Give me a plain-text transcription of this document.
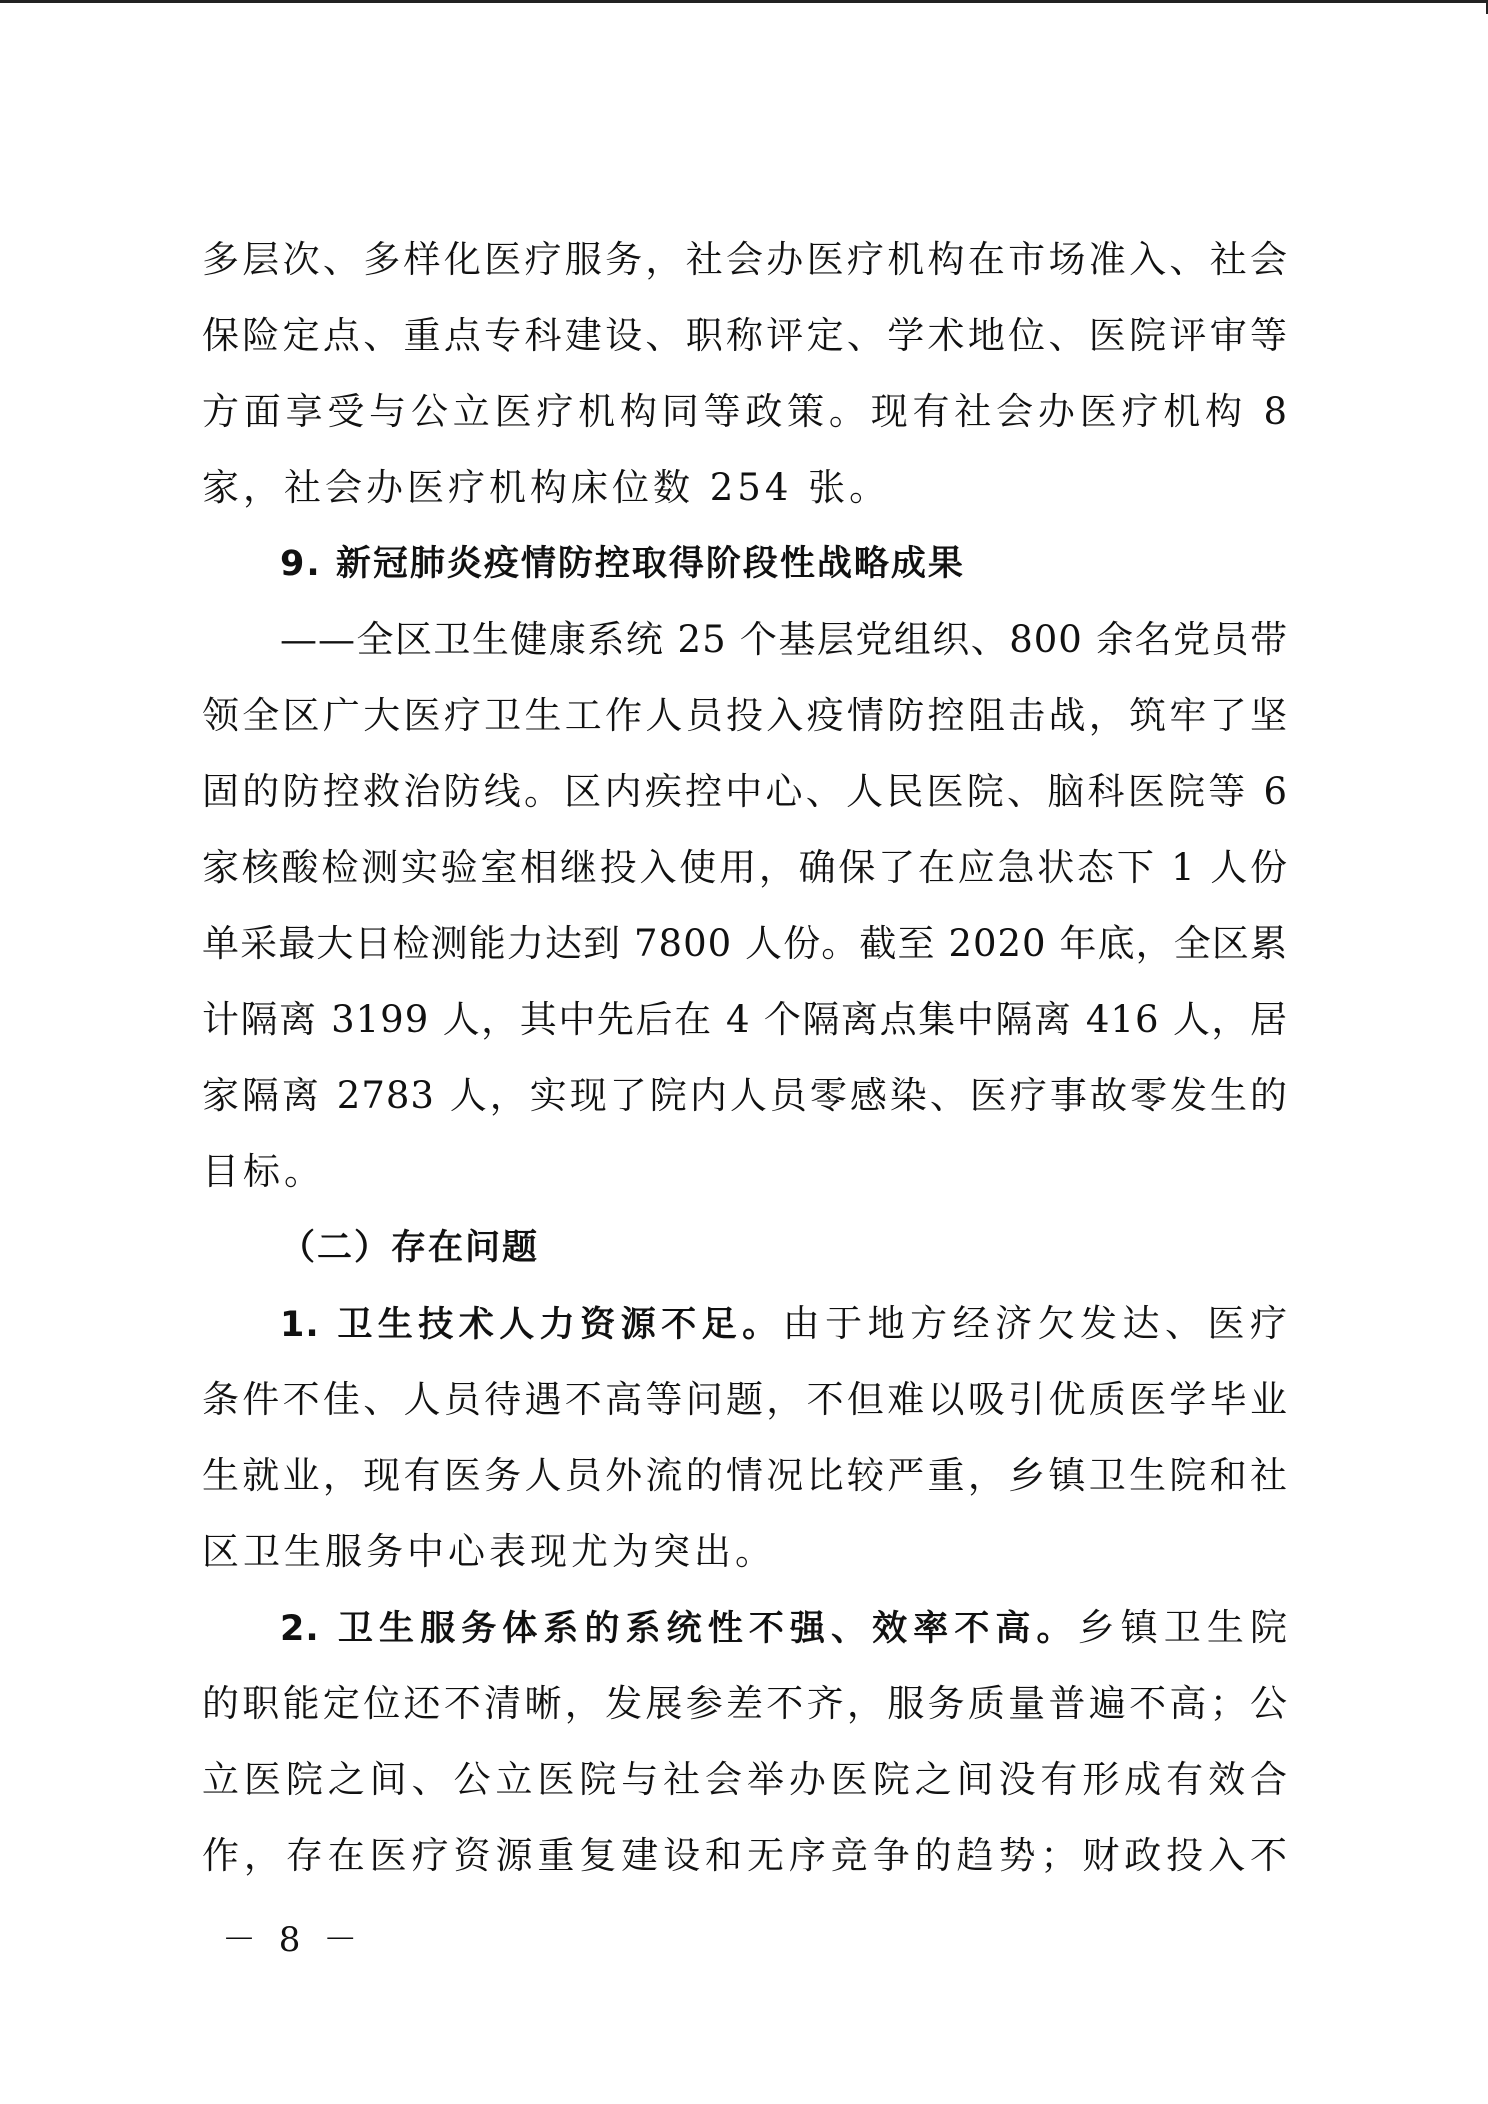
多层次、多样化医疗服务，社会办医疗机构在市场准入、社会
保险定点、重点专科建设、职称评定、学术地位、医院评审等
方面享受与公立医疗机构同等政策。现有社会办医疗机构 8
家，社会办医疗机构床位数 254 张。
9. 新冠肺炎疫情防控取得阶段性战略成果
——全区卫生健康系统 25 个基层党组织、800 余名党员带
领全区广大医疗卫生工作人员投入疫情防控阻击战，筑牢了坚
固的防控救治防线。区内疾控中心、人民医院、脑科医院等 6
家核酸检测实验室相继投入使用，确保了在应急状态下 1 人份
单采最大日检测能力达到 7800 人份。截至 2020 年底，全区累
计隔离 3199 人，其中先后在 4 个隔离点集中隔离 416 人，居
家隔离 2783 人，实现了院内人员零感染、医疗事故零发生的
目标。
（二）存在问题
1. 卫生技术人力资源不足。由于地方经济欠发达、医疗
条件不佳、人员待遇不高等问题，不但难以吸引优质医学毕业
生就业，现有医务人员外流的情况比较严重，乡镇卫生院和社
区卫生服务中心表现尤为突出。
2. 卫生服务体系的系统性不强、效率不高。乡镇卫生院
的职能定位还不清晰，发展参差不齐，服务质量普遍不高；公
立医院之间、公立医院与社会举办医院之间没有形成有效合
作，存在医疗资源重复建设和无序竞争的趋势；财政投入不
－ 8 －
